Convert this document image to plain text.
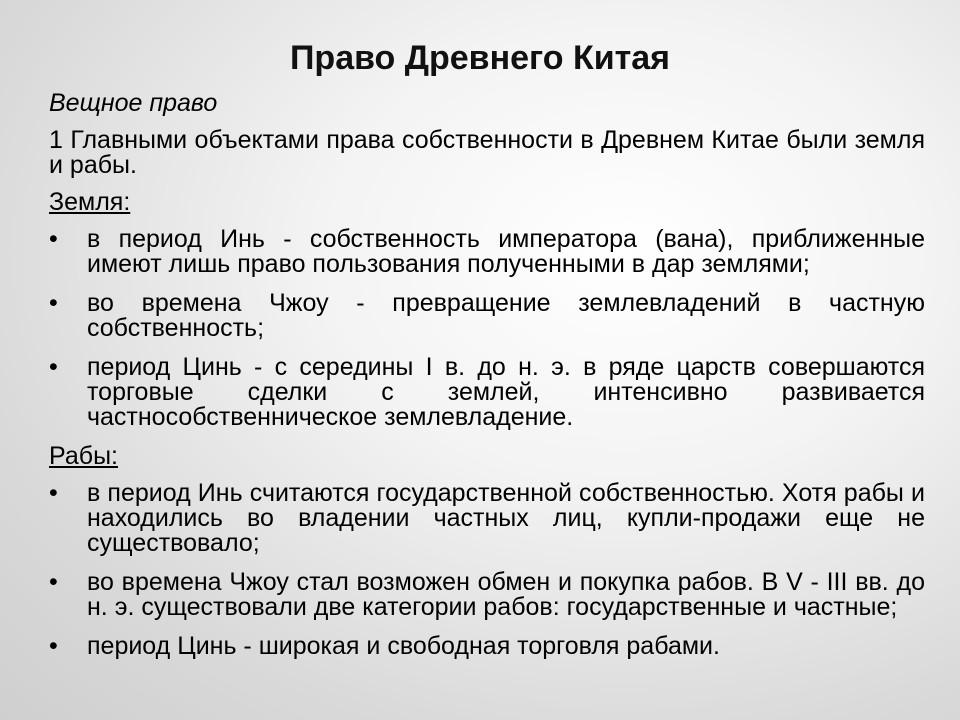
Право Древнего Китая

Вещное право

1 Главными объектами права собственности в Древнем Китае были земля и рабы.

Земля:

• в период Инь - собственность императора (вана), приближенные имеют лишь право пользования полученными в дар землями;

• во времена Чжоу - превращение землевладений в частную собственность;

• период Цинь - с середины I в. до н. э. в ряде царств совершаются торговые сделки с землей, интенсивно развивается частнособственническое землевладение.

Рабы:

• в период Инь считаются государственной собственностью. Хотя рабы и находились во владении частных лиц, купли-продажи еще не существовало;

• во времена Чжоу стал возможен обмен и покупка рабов. В V - III вв. до н. э. существовали две категории рабов: государственные и частные;

• период Цинь - широкая и свободная торговля рабами.
